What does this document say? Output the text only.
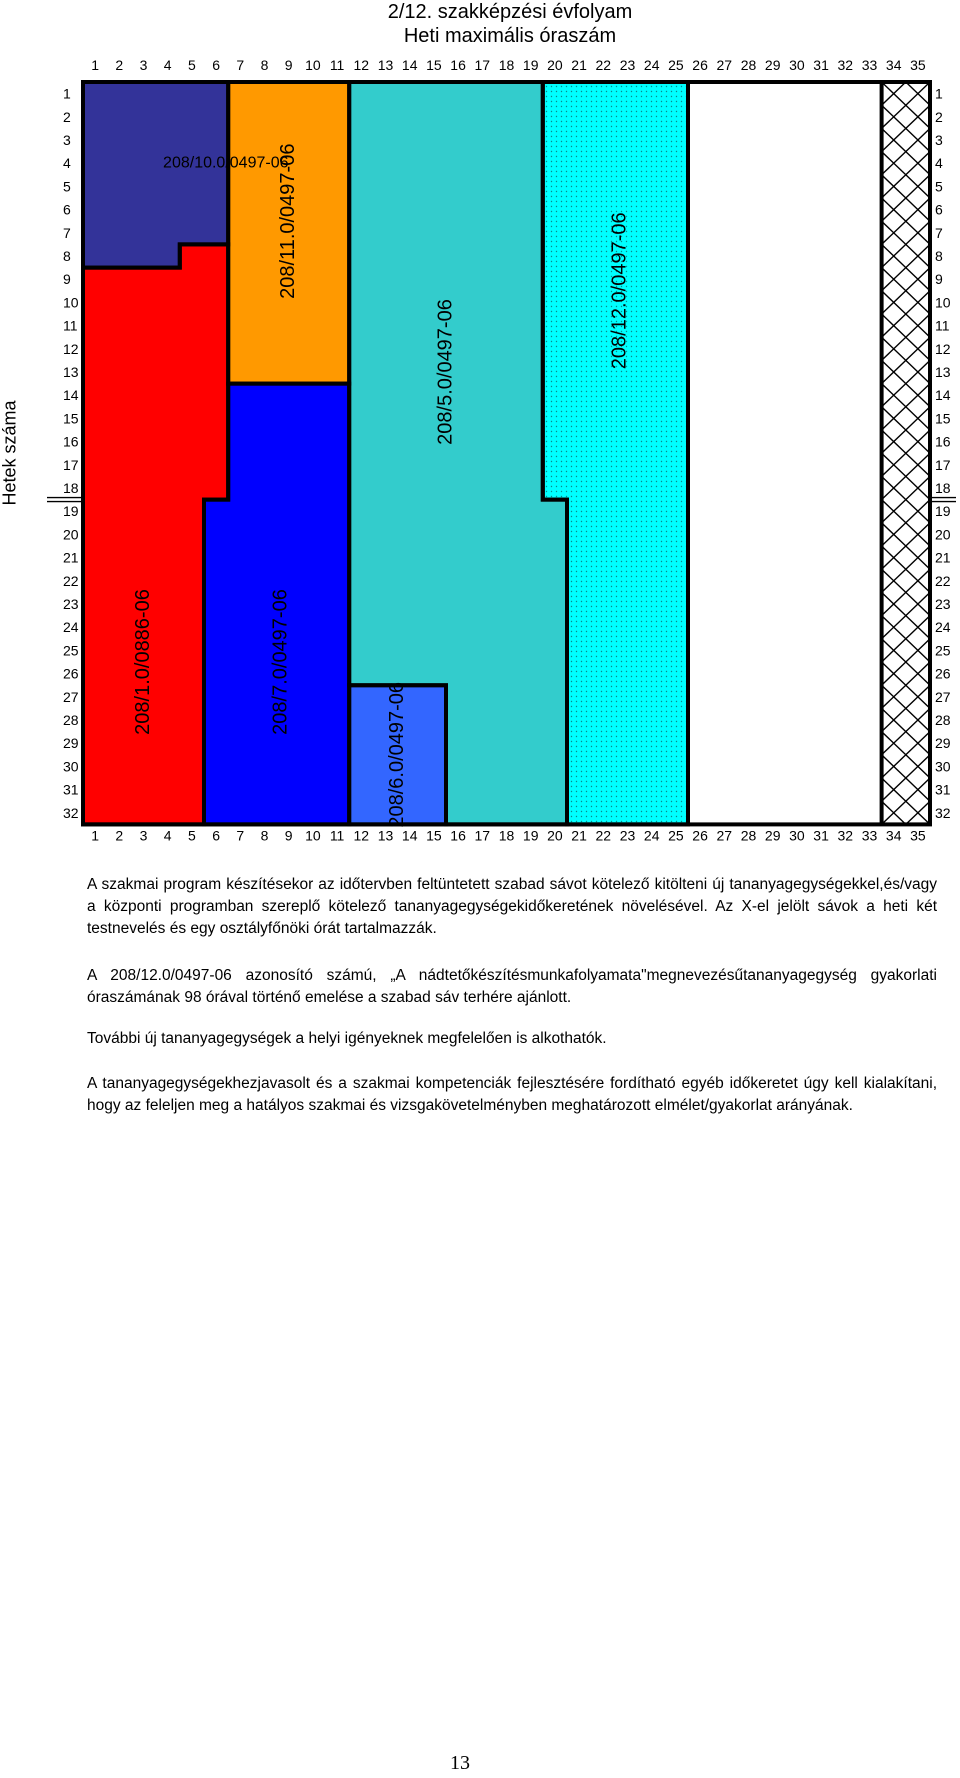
2/12. szakképzési évfolyam
Heti maximális óraszám
Hetek száma
208/10.0/0497-06
208/1.0/0886-06
208/11.0/0497-06
208/7.0/0497-06
208/5.0/0497-06
208/6.0/0497-06
208/12.0/0497-06
1
1
2
2
3
3
4
4
5
5
6
6
7
7
8
8
9
9
10
10
11
11
12
12
13
13
14
14
15
15
16
16
17
17
18
18
19
19
20
20
21
21
22
22
23
23
24
24
25
25
26
26
27
27
28
28
29
29
30
30
31
31
32
32
33
33
34
34
35
35
1	1
2	2
3	3
4	4
5	5
6	6
7	7
8	8
9	9
10	10
11	11
12	12
13	13
14	14
15	15
16	16
17	17
18	18
19	19
20	20
21	21
22	22
23	23
24	24
25	25
26	26
27	27
28	28
29	29
30	30
31	31
32	32
A szakmai program készítésekor az időtervben feltüntetett szabad sávot kötelező kitölteni új tananyagegységekkel,és/vagy a központi programban szereplő kötelező tananyagegységekidőkeretének növelésével. Az X-el jelölt sávok a heti két testnevelés és egy osztályfőnöki órát tartalmazzák.
A 208/12.0/0497-06 azonosító számú, „A nádtetőkészítésmunkafolyamata"megnevezésűtananyagegység gyakorlati óraszámának 98 órával történő emelése a szabad sáv terhére ajánlott.
További új tananyagegységek a helyi igényeknek megfelelően is alkothatók.
A tananyagegységekhezjavasolt és a szakmai kompetenciák fejlesztésére fordítható egyéb időkeretet úgy kell kialakítani, hogy az feleljen meg a hatályos szakmai és vizsgakövetelményben meghatározott elmélet/gyakorlat arányának.
13
